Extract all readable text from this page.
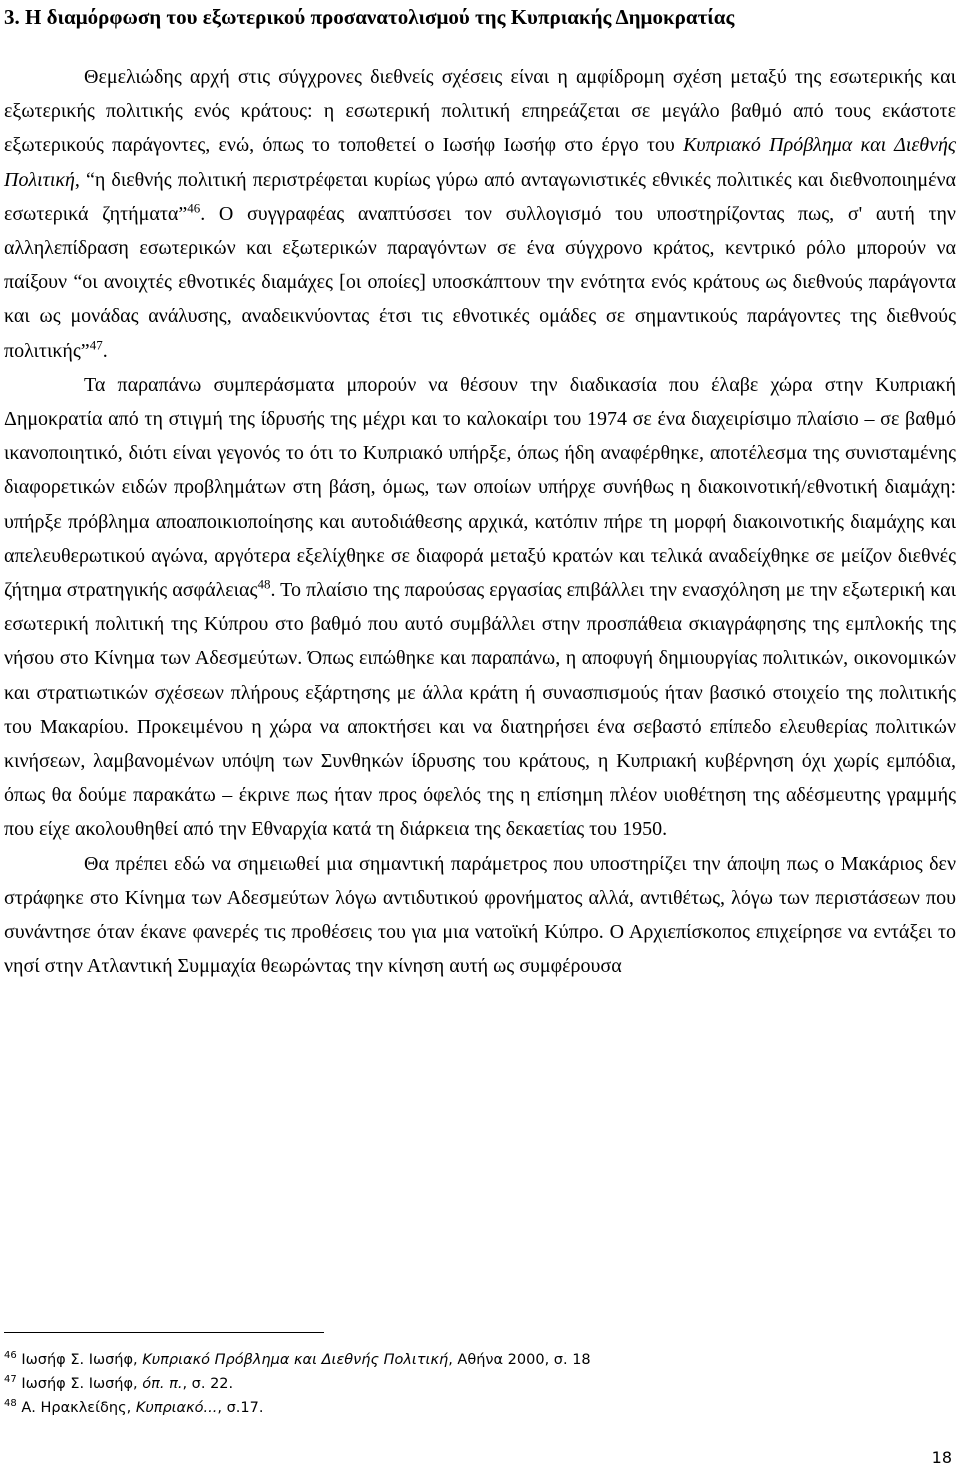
3. Η διαμόρφωση του εξωτερικού προσανατολισμού της Κυπριακής Δημοκρατίας

Θεμελιώδης αρχή στις σύγχρονες διεθνείς σχέσεις είναι η αμφίδρομη σχέση μεταξύ της εσωτερικής και εξωτερικής πολιτικής ενός κράτους: η εσωτερική πολιτική επηρεάζεται σε μεγάλο βαθμό από τους εκάστοτε εξωτερικούς παράγοντες, ενώ, όπως το τοποθετεί ο Ιωσήφ Ιωσήφ στο έργο του Κυπριακό Πρόβλημα και Διεθνής Πολιτική, “η διεθνής πολιτική περιστρέφεται κυρίως γύρω από ανταγωνιστικές εθνικές πολιτικές και διεθνοποιημένα εσωτερικά ζητήματα”$^{46}$. Ο συγγραφέας αναπτύσσει τον συλλογισμό του υποστηρίζοντας πως, σ' αυτή την αλληλεπίδραση εσωτερικών και εξωτερικών παραγόντων σε ένα σύγχρονο κράτος, κεντρικό ρόλο μπορούν να παίξουν “οι ανοιχτές εθνοτικές διαμάχες [οι οποίες] υποσκάπτουν την ενότητα ενός κράτους ως διεθνούς παράγοντα και ως μονάδας ανάλυσης, αναδεικνύοντας έτσι τις εθνοτικές ομάδες σε σημαντικούς παράγοντες της διεθνούς πολιτικής”$^{47}$.

Τα παραπάνω συμπεράσματα μπορούν να θέσουν την διαδικασία που έλαβε χώρα στην Κυπριακή Δημοκρατία από τη στιγμή της ίδρυσής της μέχρι και το καλοκαίρι του 1974 σε ένα διαχειρίσιμο πλαίσιο – σε βαθμό ικανοποιητικό, διότι είναι γεγονός το ότι το Κυπριακό υπήρξε, όπως ήδη αναφέρθηκε, αποτέλεσμα της συνισταμένης διαφορετικών ειδών προβλημάτων στη βάση, όμως, των οποίων υπήρχε συνήθως η διακοινοτική/εθνοτική διαμάχη: υπήρξε πρόβλημα αποαποικιοποίησης και αυτοδιάθεσης αρχικά, κατόπιν πήρε τη μορφή διακοινοτικής διαμάχης και απελευθερωτικού αγώνα, αργότερα εξελίχθηκε σε διαφορά μεταξύ κρατών και τελικά αναδείχθηκε σε μείζον διεθνές ζήτημα στρατηγικής ασφάλειας$^{48}$. Το πλαίσιο της παρούσας εργασίας επιβάλλει την ενασχόληση με την εξωτερική και εσωτερική πολιτική της Κύπρου στο βαθμό που αυτό συμβάλλει στην προσπάθεια σκιαγράφησης της εμπλοκής της νήσου στο Κίνημα των Αδεσμεύτων. Όπως ειπώθηκε και παραπάνω, η αποφυγή δημιουργίας πολιτικών, οικονομικών και στρατιωτικών σχέσεων πλήρους εξάρτησης με άλλα κράτη ή συνασπισμούς ήταν βασικό στοιχείο της πολιτικής του Μακαρίου. Προκειμένου η χώρα να αποκτήσει και να διατηρήσει ένα σεβαστό επίπεδο ελευθερίας πολιτικών κινήσεων, λαμβανομένων υπόψη των Συνθηκών ίδρυσης του κράτους, η Κυπριακή κυβέρνηση όχι χωρίς εμπόδια, όπως θα δούμε παρακάτω – έκρινε πως ήταν προς όφελός της η επίσημη πλέον υιοθέτηση της αδέσμευτης γραμμής που είχε ακολουθηθεί από την Εθναρχία κατά τη διάρκεια της δεκαετίας του 1950.

Θα πρέπει εδώ να σημειωθεί μια σημαντική παράμετρος που υποστηρίζει την άποψη πως ο Μακάριος δεν στράφηκε στο Κίνημα των Αδεσμεύτων λόγω αντιδυτικού φρονήματος αλλά, αντιθέτως, λόγω των περιστάσεων που συνάντησε όταν έκανε φανερές τις προθέσεις του για μια νατοϊκή Κύπρο. Ο Αρχιεπίσκοπος επιχείρησε να εντάξει το νησί στην Ατλαντική Συμμαχία θεωρώντας την κίνηση αυτή ως συμφέρουσα

$^{46}$ Ιωσήφ Σ. Ιωσήφ, Κυπριακό Πρόβλημα και Διεθνής Πολιτική, Αθήνα 2000, σ. 18

$^{47}$ Ιωσήφ Σ. Ιωσήφ, όπ. π., σ. 22.

$^{48}$ Α. Ηρακλείδης, Κυπριακό..., σ.17.

18
